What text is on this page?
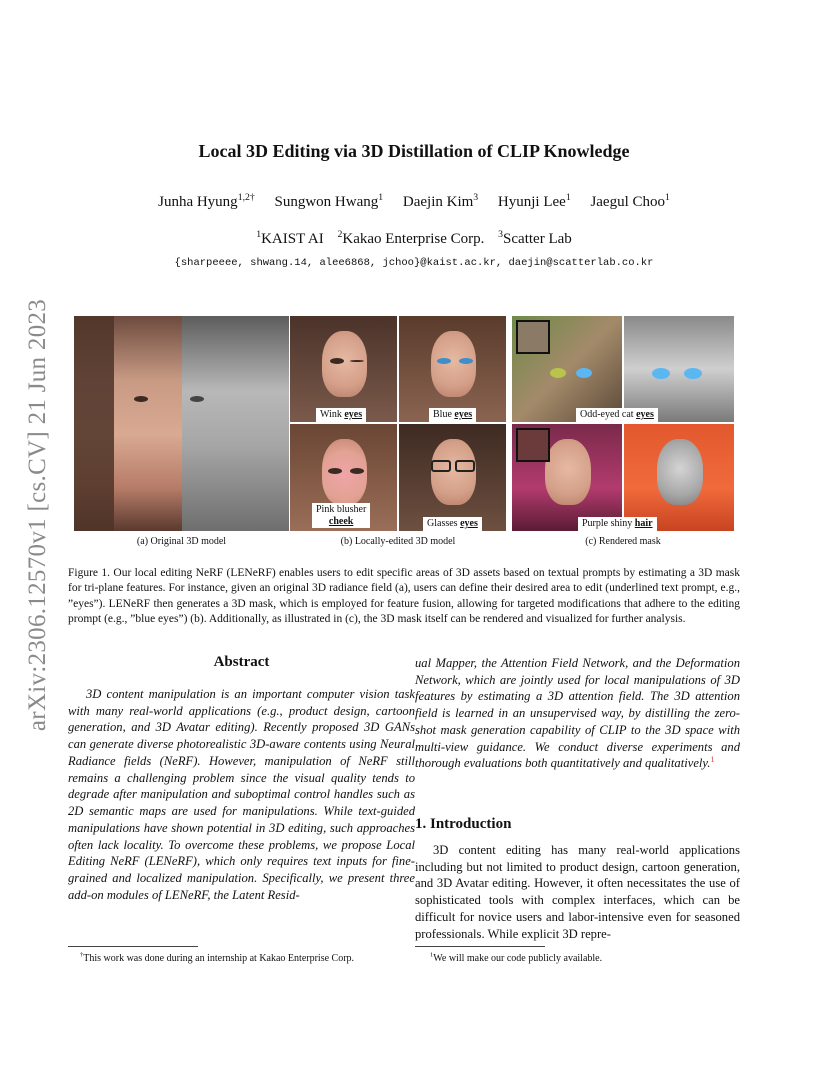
arXiv:2306.12570v1 [cs.CV] 21 Jun 2023
Local 3D Editing via 3D Distillation of CLIP Knowledge
Junha Hyung$^{1,2\dagger}$ Sungwon Hwang$^1$ Daejin Kim$^3$ Hyunji Lee$^1$ Jaegul Choo$^1$
$^1$KAIST AI $^2$Kakao Enterprise Corp. $^3$Scatter Lab
{sharpeeee, shwang.14, alee6868, jchoo}@kaist.ac.kr, daejin@scatterlab.co.kr
Wink eyes	Blue eyes
Pink blusher
cheek	Glasses eyes
Odd-eyed cat eyes
Purple shiny hair
(a) Original 3D model	(b) Locally-edited 3D model	(c) Rendered mask

Figure 1. Our local editing NeRF (LENeRF) enables users to edit specific areas of 3D assets based on textual prompts by estimating a 3D mask for tri-plane features. For instance, given an original 3D radiance field (a), users can define their desired area to edit (underlined text prompt, e.g., ”eyes”). LENeRF then generates a 3D mask, which is employed for feature fusion, allowing for targeted modifications that adhere to the editing prompt (e.g., ”blue eyes”) (b). Additionally, as illustrated in (c), the 3D mask itself can be rendered and visualized for further analysis.

Abstract

3D content manipulation is an important computer vision task with many real-world applications (e.g., product design, cartoon generation, and 3D Avatar editing). Recently proposed 3D GANs can generate diverse photorealistic 3D-aware contents using Neural Radiance fields (NeRF). However, manipulation of NeRF still remains a challenging problem since the visual quality tends to degrade after manipulation and suboptimal control handles such as 2D semantic maps are used for manipulations. While text-guided manipulations have shown potential in 3D editing, such approaches often lack locality. To overcome these problems, we propose Local Editing NeRF (LENeRF), which only requires text inputs for fine-grained and localized manipulation. Specifically, we present three add-on modules of LENeRF, the Latent Resid-

ual Mapper, the Attention Field Network, and the Deformation Network, which are jointly used for local manipulations of 3D features by estimating a 3D attention field. The 3D attention field is learned in an unsupervised way, by distilling the zero-shot mask generation capability of CLIP to the 3D space with multi-view guidance. We conduct diverse experiments and thorough evaluations both quantitatively and qualitatively.$^1$

1. Introduction

3D content editing has many real-world applications including but not limited to product design, cartoon generation, and 3D Avatar editing. However, it often necessitates the use of sophisticated tools with complex interfaces, which can be difficult for novice users and labor-intensive even for seasoned professionals. While explicit 3D repre-

†This work was done during an internship at Kakao Enterprise Corp.	$^1$We will make our code publicly available.
